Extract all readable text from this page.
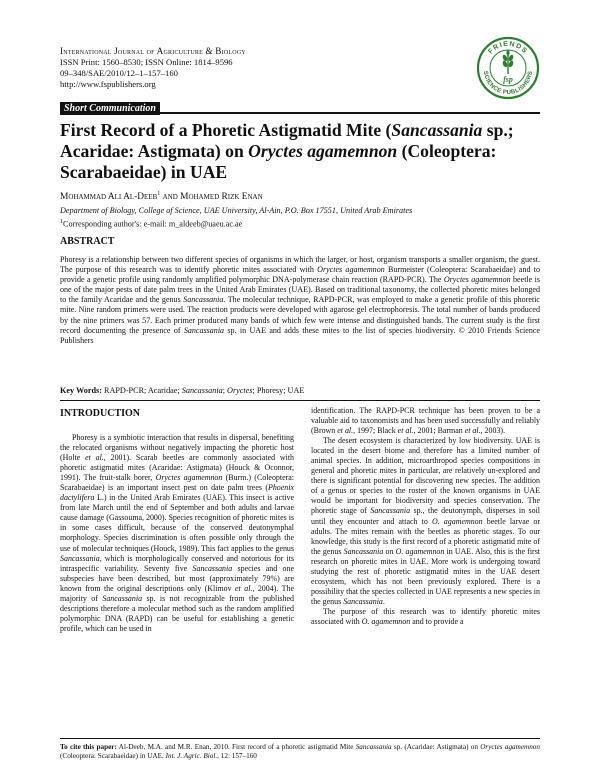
International Journal of Agriculture & Biology
ISSN Print: 1560–8530; ISSN Online: 1814–9596
09–348/SAE/2010/12–1–157–160
http://www.fspublishers.org
FRIENDS
SCIENCE PUBLISHERS
fsp
Short Communication
First Record of a Phoretic Astigmatid Mite (Sancassania sp.; Acaridae: Astigmata) on Oryctes agamemnon (Coleoptera: Scarabaeidae) in UAE
Mohammad Ali Al-Deeb$^1$ and Mohamed Rizk Enan
Department of Biology, College of Science, UAE University, Al-Ain, P.O. Box 17551, United Arab Emirates
$^1$Corresponding author's: e-mail: m_aldeeb@uaeu.ac.ae
ABSTRACT

Phoresy is a relationship between two different species of organisms in which the larger, or host, organism transports a smaller organism, the guest. The purpose of this research was to identify phoretic mites associated with Oryctes agamemnon Burmeister (Coleoptera: Scarabaeidae) and to provide a genetic profile using randomly amplified polymorphic DNA-polymerase chain reaction (RAPD-PCR). The Oryctes agamemnon beetle is one of the major pests of date palm trees in the United Arab Emirates (UAE). Based on traditional taxonomy, the collected phoretic mites belonged to the family Acaridae and the genus Sancassania. The molecular technique, RAPD-PCR, was employed to make a genetic profile of this phoretic mite. Nine random primers were used. The reaction products were developed with agarose gel electrophoresis. The total number of bands produced by the nine primers was 57. Each primer produced many bands of which few were intense and distinguished bands. The current study is the first record documenting the presence of Sancassania sp. in UAE and adds these mites to the list of species biodiversity. © 2010 Friends Science Publishers

Key Words: RAPD-PCR; Acaridae; Sancassania; Oryctes; Phoresy; UAE
INTRODUCTION

Phoresy is a symbiotic interaction that results in dispersal, benefiting the relocated organisms without negatively impacting the phoretic host (Holte et al., 2001). Scarab beetles are commonly associated with phoretic astigmatid mites (Acaridae: Astigmata) (Houck & Oconnor, 1991). The fruit-stalk borer, Oryctes agamemnon (Burm.) (Coleoptera: Scarabaeidae) is an important insect pest on date palm trees (Phoenix dactylifera L.) in the United Arab Emirates (UAE). This insect is active from late March until the end of September and both adults and larvae cause damage (Gassouma, 2000). Species recognition of phoretic mites is in some cases difficult, because of the conserved deutonymphal morphology. Species discrimination is often possible only through the use of molecular techniques (Houck, 1989). This fact applies to the genus Sancassania, which is morphologically conserved and notorious for its intraspecific variability. Seventy five Sancassania species and one subspecies have been described, but most (approximately 79%) are known from the original descriptions only (Klimov et al., 2004). The majority of Sancassania sp. is not recognizable from the published descriptions therefore a molecular method such as the random amplified polymorphic DNA (RAPD) can be useful for establishing a genetic profile, which can be used in

identification. The RAPD-PCR technique has been proven to be a valuable aid to taxonomists and has been used successfully and reliably (Brown et al., 1997; Black et al., 2001; Barman et al., 2003).

The desert ecosystem is characterized by low biodiversity. UAE is located in the desert biome and therefore has a limited number of animal species. In addition, microarthropod species compositions in general and phoretic mites in particular, are relatively un-explored and there is significant potential for discovering new species. The addition of a genus or species to the roster of the known organisms in UAE would be important for biodiversity and species conservation. The phoretic stage of Sancassania sp., the deutonymph, disperses in soil until they encounter and attach to O. agamemnon beetle larvae or adults. The mites remain with the beetles as phoretic stages. To our knowledge, this study is the first record of a phoretic astigmatid mite of the genus Sancassania on O. agamemnon in UAE. Also, this is the first research on phoretic mites in UAE. More work is undergoing toward studying the rest of phoretic astigmatid mites in the UAE desert ecosystem, which has not been previously explored. There is a possibility that the species collected in UAE represents a new species in the genus Sancassania.

The purpose of this research was to identify phoretic mites associated with O. agamemnon and to provide a

To cite this paper: Al-Deeb, M.A. and M.R. Enan, 2010. First record of a phoretic astigmatid Mite Sancassania sp. (Acaridae: Astigmata) on Oryctes agamemnon (Coleoptera: Scarabaeidae) in UAE. Int. J. Agric. Biol., 12: 157–160
